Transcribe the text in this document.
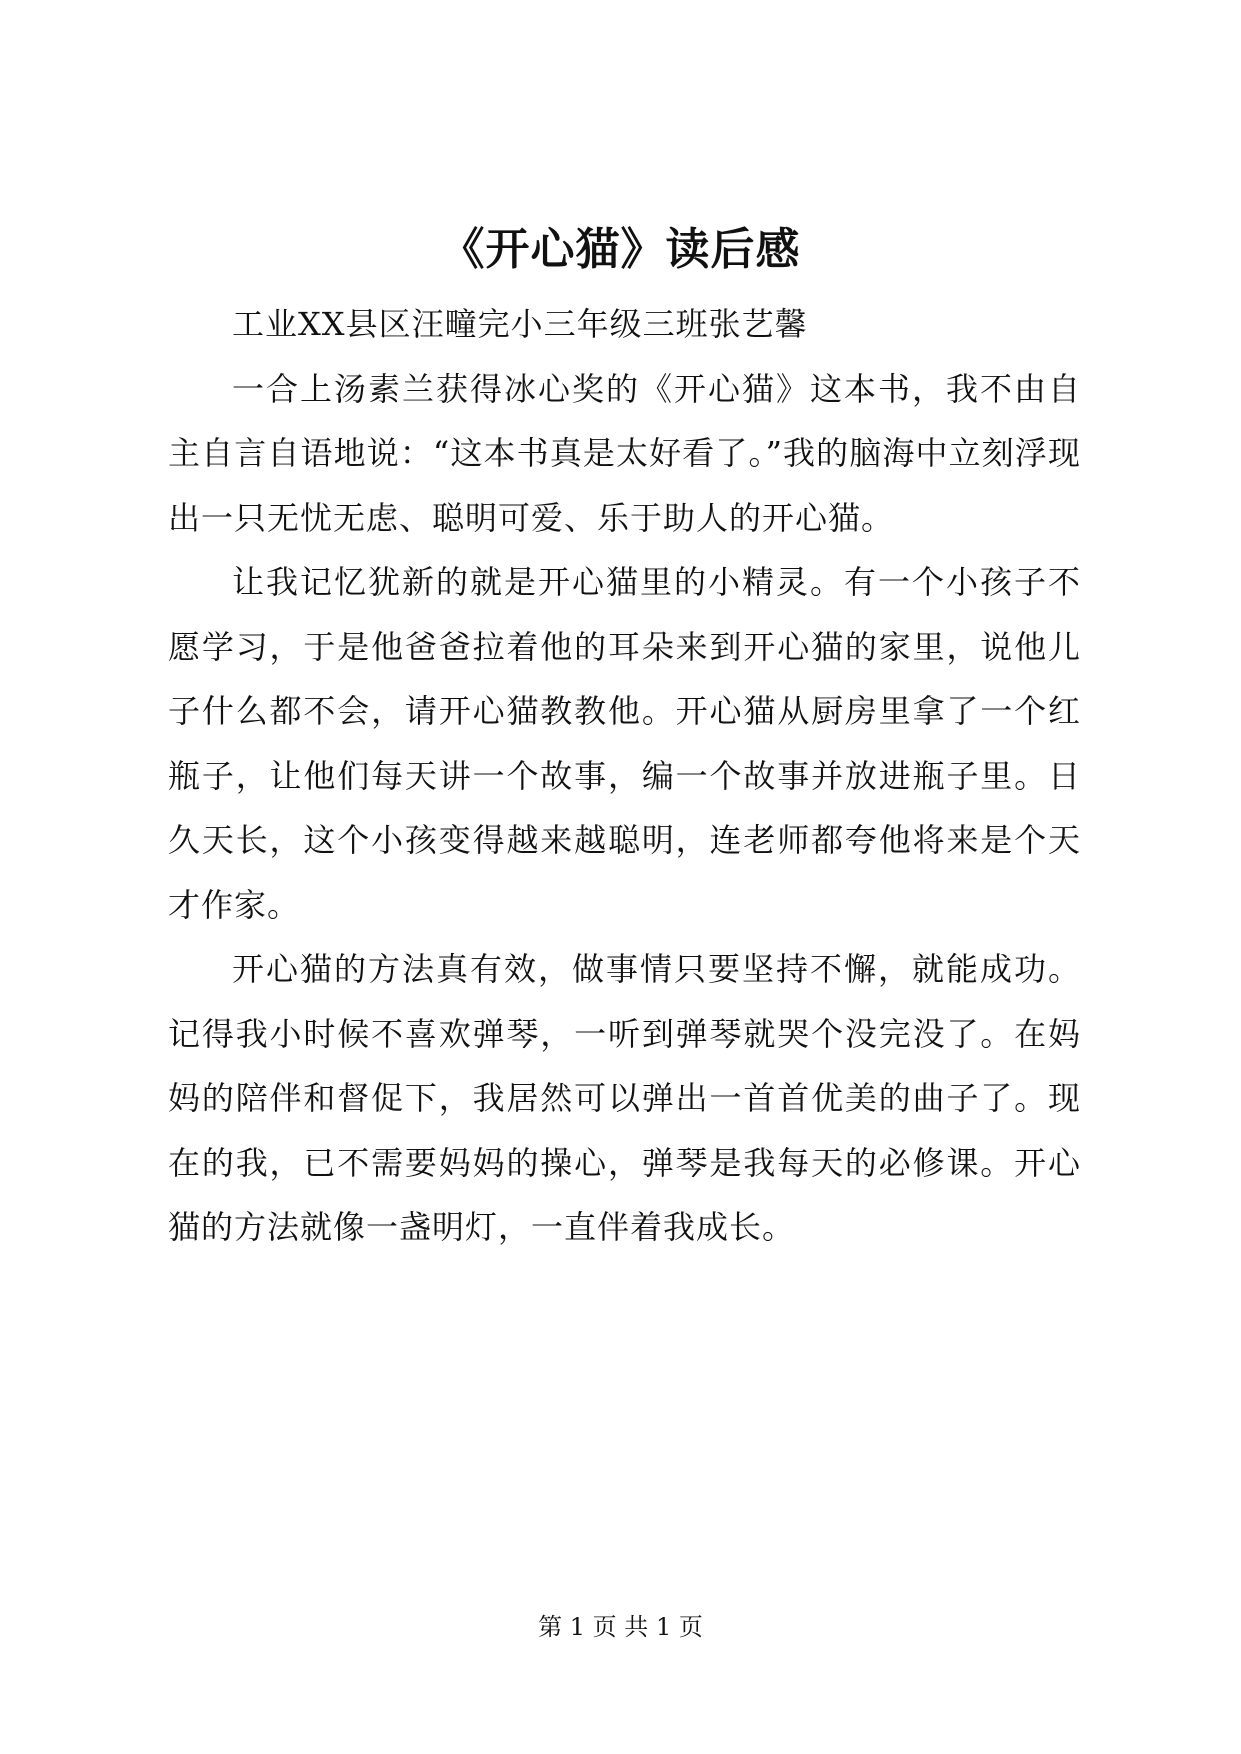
《开心猫》读后感

工业XX县区汪疃完小三年级三班张艺馨

一合上汤素兰获得冰心奖的《开心猫》这本书，我不由自主自言自语地说：“这本书真是太好看了。”我的脑海中立刻浮现出一只无忧无虑、聪明可爱、乐于助人的开心猫。

让我记忆犹新的就是开心猫里的小精灵。有一个小孩子不愿学习，于是他爸爸拉着他的耳朵来到开心猫的家里，说他儿子什么都不会，请开心猫教教他。开心猫从厨房里拿了一个红瓶子，让他们每天讲一个故事，编一个故事并放进瓶子里。日久天长，这个小孩变得越来越聪明，连老师都夸他将来是个天才作家。

开心猫的方法真有效，做事情只要坚持不懈，就能成功。记得我小时候不喜欢弹琴，一听到弹琴就哭个没完没了。在妈妈的陪伴和督促下，我居然可以弹出一首首优美的曲子了。现在的我，已不需要妈妈的操心，弹琴是我每天的必修课。开心猫的方法就像一盏明灯，一直伴着我成长。

第 1 页 共 1 页
